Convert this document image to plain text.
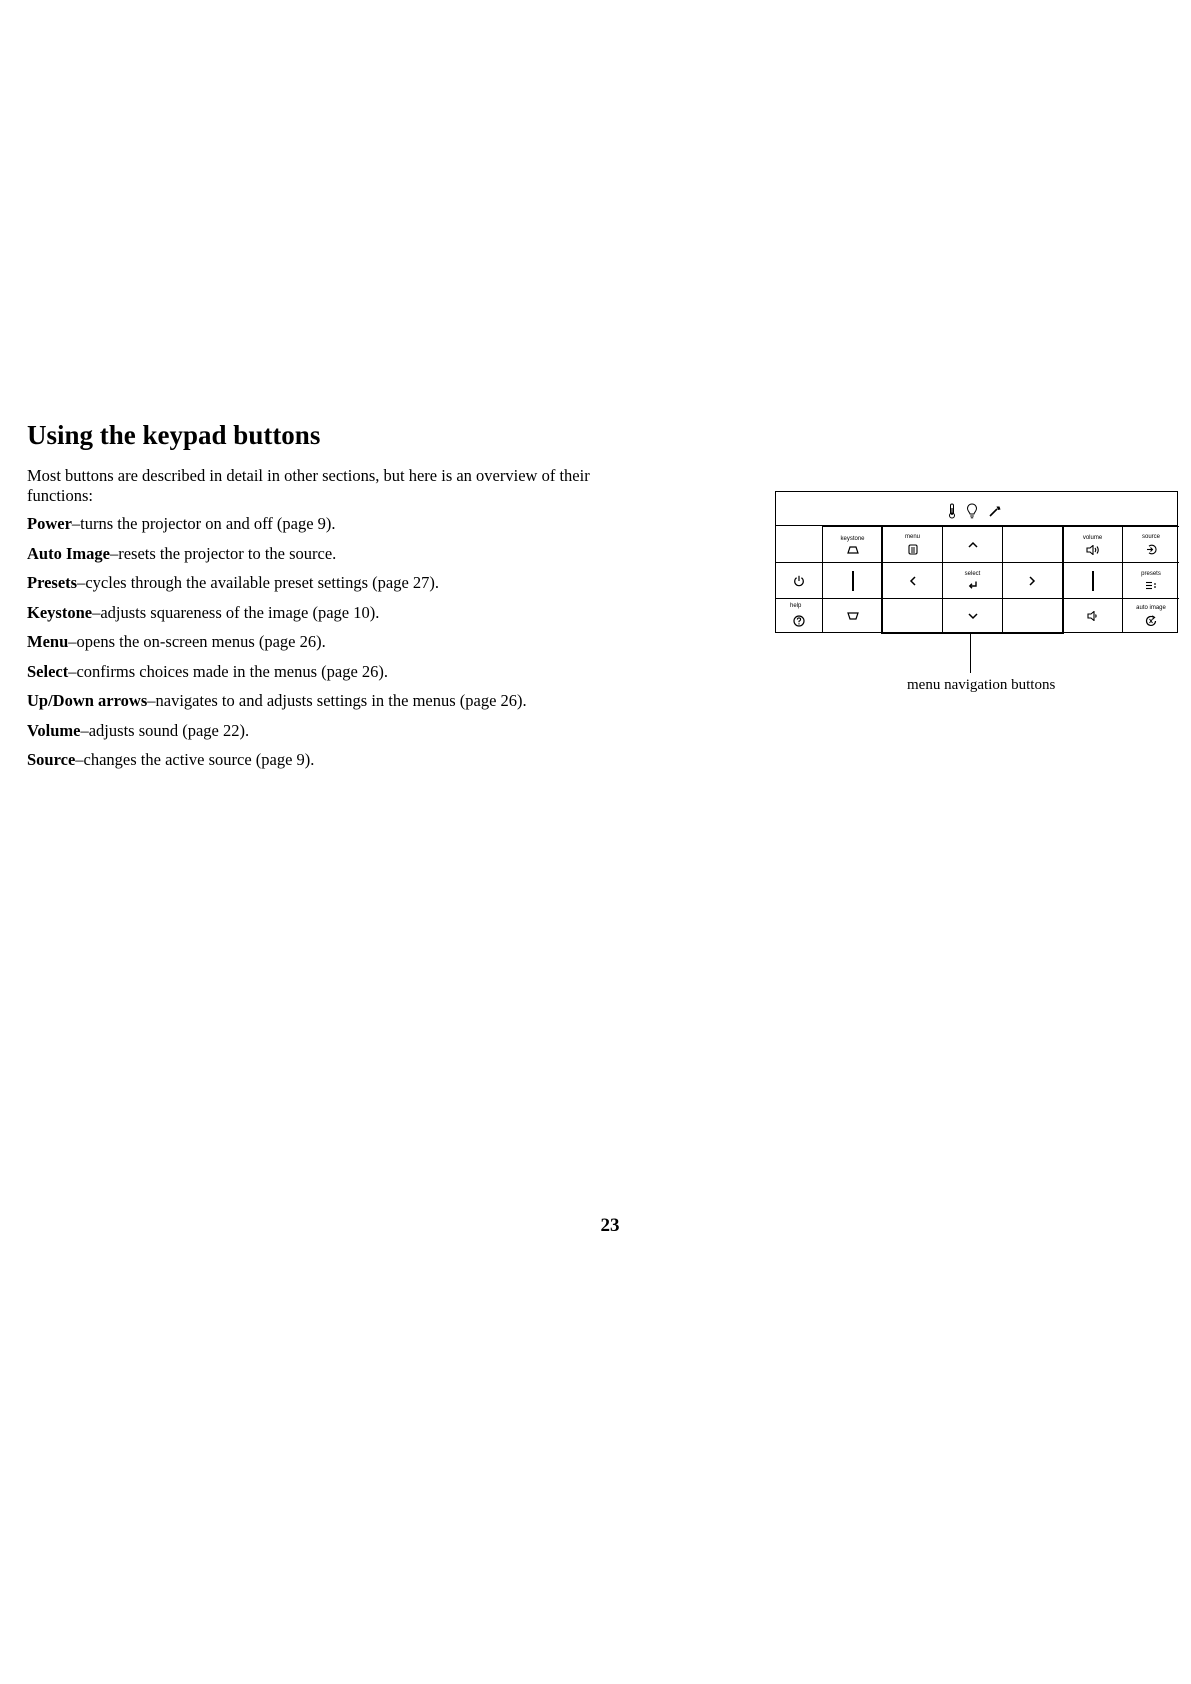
Using the keypad buttons

Most buttons are described in detail in other sections, but here is an overview of their functions:

Power–turns the projector on and off (page 9).
Auto Image–resets the projector to the source.
Presets–cycles through the available preset settings (page 27).
Keystone–adjusts squareness of the image (page 10).
Menu–opens the on-screen menus (page 26).
Select–confirms choices made in the menus (page 26).
Up/Down arrows–navigates to and adjusts settings in the menus (page 26).
Volume–adjusts sound (page 22).
Source–changes the active source (page 9).
keystone	menu	volume	source
select	presets
help	auto image

menu navigation buttons

23
